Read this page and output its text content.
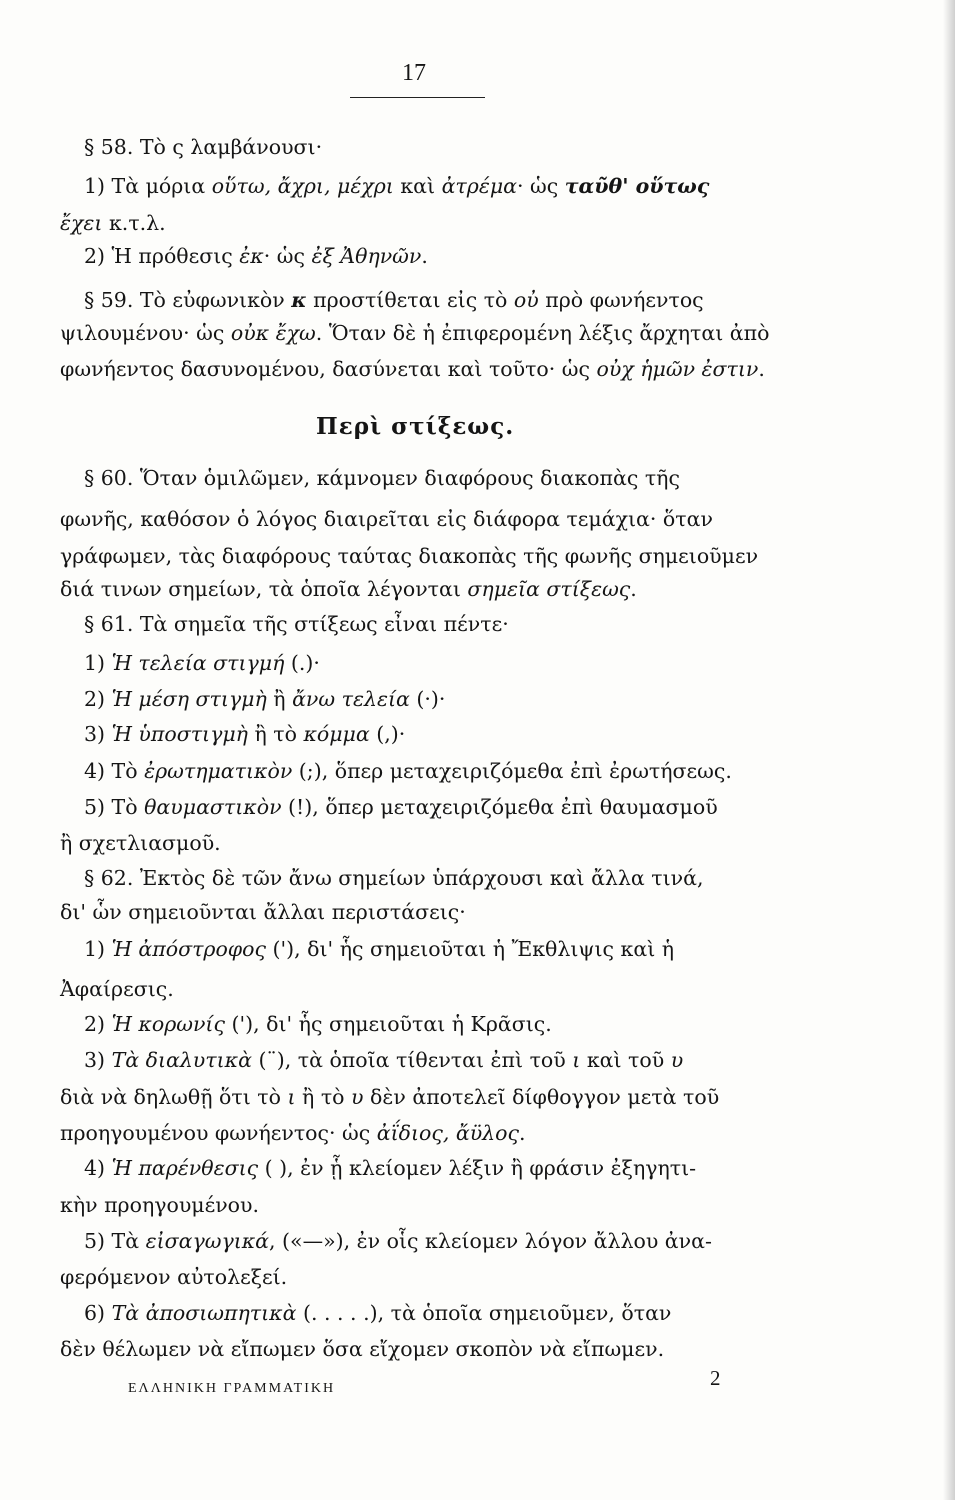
17
§ 58. Τὸ ς λαμβάνουσι·
1) Τὰ μόρια οὕτω, ἄχρι, μέχρι καὶ ἀτρέμα· ὡς ταῦθ' οὕτως
ἔχει κ.τ.λ.
2) Ἡ πρόθεσις ἐκ· ὡς ἐξ Ἀθηνῶν.
§ 59. Τὸ εὐφωνικὸν κ προστίθεται εἰς τὸ οὐ πρὸ φωνήεντος
ψιλουμένου· ὡς οὐκ ἔχω. Ὅταν δὲ ἡ ἐπιφερομένη λέξις ἄρχηται ἀπὸ
φωνήεντος δασυνομένου, δασύνεται καὶ τοῦτο· ὡς οὐχ ἡμῶν ἐστιν.
Περὶ στίξεως.
§ 60. Ὅταν ὁμιλῶμεν, κάμνομεν διαφόρους διακοπὰς τῆς
φωνῆς, καθόσον ὁ λόγος διαιρεῖται εἰς διάφορα τεμάχια· ὅταν
γράφωμεν, τὰς διαφόρους ταύτας διακοπὰς τῆς φωνῆς σημειοῦμεν
διά τινων σημείων, τὰ ὁποῖα λέγονται σημεῖα στίξεως.
§ 61. Τὰ σημεῖα τῆς στίξεως εἶναι πέντε·
1) Ἡ τελεία στιγμή (.)·
2) Ἡ μέση στιγμὴ ἢ ἄνω τελεία (·)·
3) Ἡ ὑποστιγμὴ ἢ τὸ κόμμα (,)·
4) Τὸ ἐρωτηματικὸν (;), ὅπερ μεταχειριζόμεθα ἐπὶ ἐρωτήσεως.
5) Τὸ θαυμαστικὸν (!), ὅπερ μεταχειριζόμεθα ἐπὶ θαυμασμοῦ
ἢ σχετλιασμοῦ.
§ 62. Ἐκτὸς δὲ τῶν ἄνω σημείων ὑπάρχουσι καὶ ἄλλα τινά,
δι' ὧν σημειοῦνται ἄλλαι περιστάσεις·
1) Ἡ ἀπόστροφος ('), δι' ἧς σημειοῦται ἡ Ἔκθλιψις καὶ ἡ
Ἀφαίρεσις.
2) Ἡ κορωνίς ('), δι' ἧς σημειοῦται ἡ Κρᾶσις.
3) Τὰ διαλυτικὰ (¨), τὰ ὁποῖα τίθενται ἐπὶ τοῦ ι καὶ τοῦ υ
διὰ νὰ δηλωθῇ ὅτι τὸ ι ἢ τὸ υ δὲν ἀποτελεῖ δίφθογγον μετὰ τοῦ
προηγουμένου φωνήεντος· ὡς ἀΐδιος, ἄϋλος.
4) Ἡ παρένθεσις ( ), ἐν ᾗ κλείομεν λέξιν ἢ φράσιν ἐξηγητι-
κὴν προηγουμένου.
5) Τὰ εἰσαγωγικά, («—»), ἐν οἷς κλείομεν λόγον ἄλλου ἀνα-
φερόμενον αὐτολεξεί.
6) Τὰ ἀποσιωπητικὰ (. . . . .), τὰ ὁποῖα σημειοῦμεν, ὅταν
δὲν θέλωμεν νὰ εἴπωμεν ὅσα εἴχομεν σκοπὸν νὰ εἴπωμεν.
ΕΛΛΗΝΙΚΗ ΓΡΑΜΜΑΤΙΚΗ	2
